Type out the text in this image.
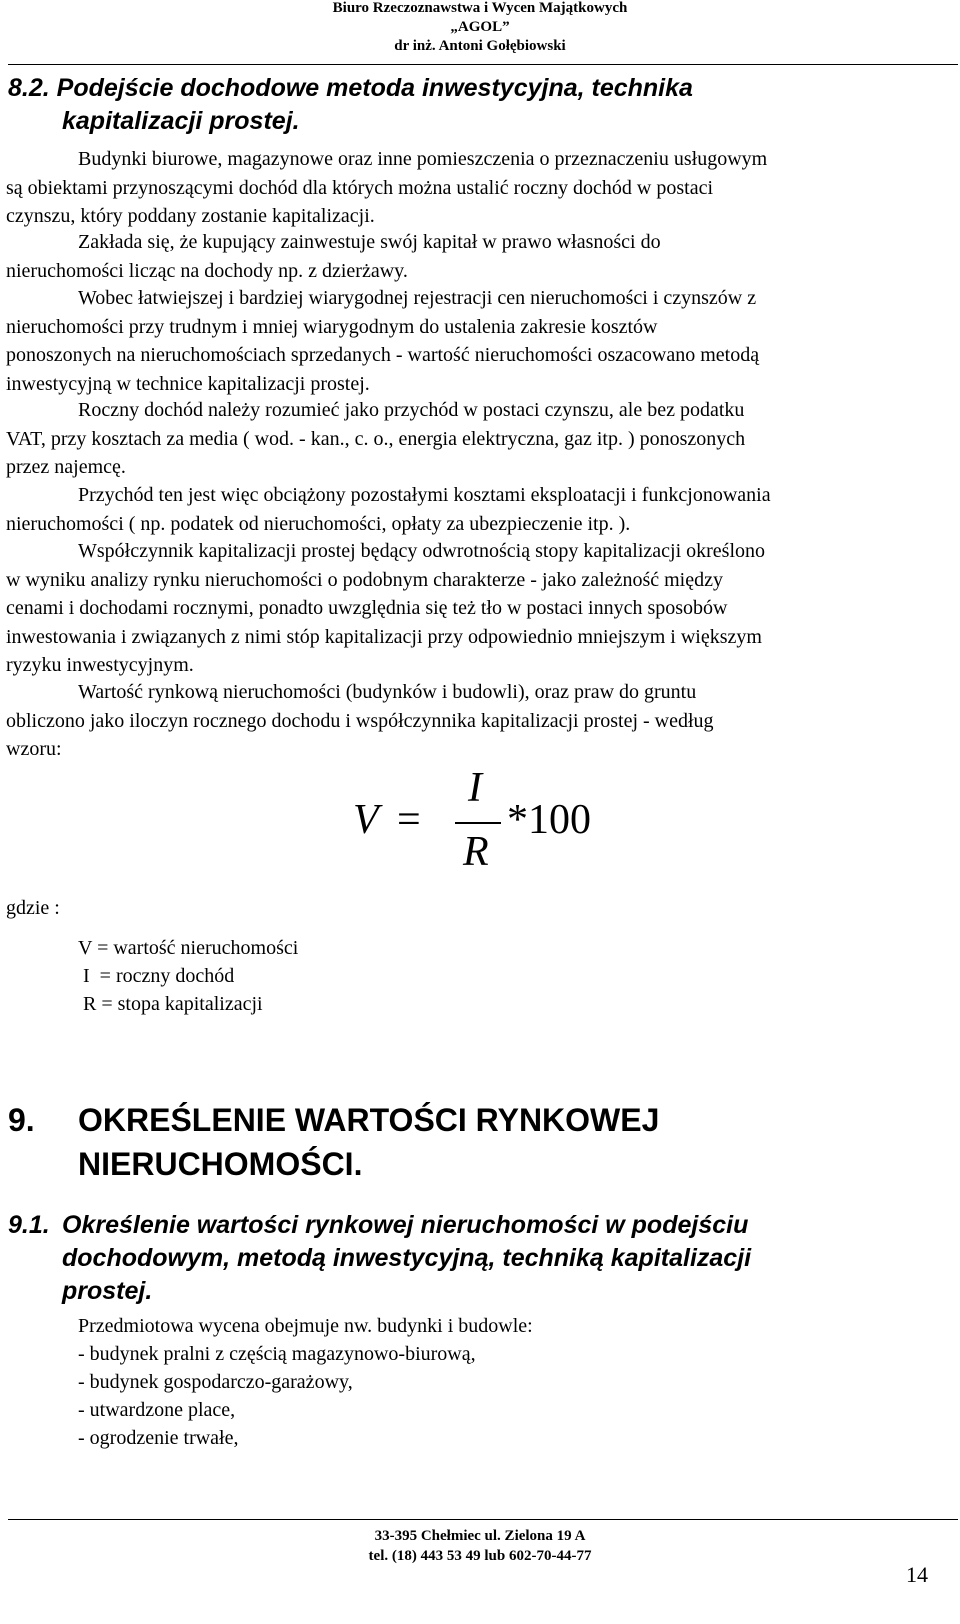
Biuro Rzeczoznawstwa i Wycen Majątkowych
„AGOL”
dr inż. Antoni Gołębiowski
8.2. Podejście dochodowe metoda inwestycyjna, technika
kapitalizacji prostej.
Budynki biurowe, magazynowe oraz inne pomieszczenia o przeznaczeniu usługowym
są obiektami przynoszącymi dochód dla których można ustalić roczny dochód w postaci
czynszu, który poddany zostanie kapitalizacji.
Zakłada się, że kupujący zainwestuje swój kapitał w prawo własności do
nieruchomości licząc na dochody np. z dzierżawy.
Wobec łatwiejszej i bardziej wiarygodnej rejestracji cen nieruchomości i czynszów z
nieruchomości przy trudnym i mniej wiarygodnym do ustalenia zakresie kosztów
ponoszonych na nieruchomościach sprzedanych - wartość nieruchomości oszacowano metodą
inwestycyjną w technice kapitalizacji prostej.
Roczny dochód należy rozumieć jako przychód w postaci czynszu, ale bez podatku
VAT, przy kosztach za media ( wod. - kan., c. o., energia elektryczna, gaz itp. ) ponoszonych
przez najemcę.
Przychód ten jest więc obciążony pozostałymi kosztami eksploatacji i funkcjonowania
nieruchomości ( np. podatek od nieruchomości, opłaty za ubezpieczenie itp. ).
Współczynnik kapitalizacji prostej będący odwrotnością stopy kapitalizacji określono
w wyniku analizy rynku nieruchomości o podobnym charakterze - jako zależność między
cenami i dochodami rocznymi, ponadto uwzględnia się też tło w postaci innych sposobów
inwestowania i związanych z nimi stóp kapitalizacji przy odpowiednio mniejszym i większym
ryzyku inwestycyjnym.
Wartość rynkową nieruchomości (budynków i budowli), oraz praw do gruntu
obliczono jako iloczyn rocznego dochodu i współczynnika kapitalizacji prostej - według
wzoru:
V =
I
R
*100
gdzie :
V = wartość nieruchomości
I  = roczny dochód
R = stopa kapitalizacji
9. OKREŚLENIE WARTOŚCI RYNKOWEJ
NIERUCHOMOŚCI.
9.1. Określenie wartości rynkowej nieruchomości w podejściu
dochodowym, metodą inwestycyjną, techniką kapitalizacji
prostej.
Przedmiotowa wycena obejmuje nw. budynki i budowle:
- budynek pralni z częścią magazynowo-biurową,
- budynek gospodarczo-garażowy,
- utwardzone place,
- ogrodzenie trwałe,
33-395 Chełmiec ul. Zielona 19 A
tel. (18) 443 53 49 lub 602-70-44-77
14
